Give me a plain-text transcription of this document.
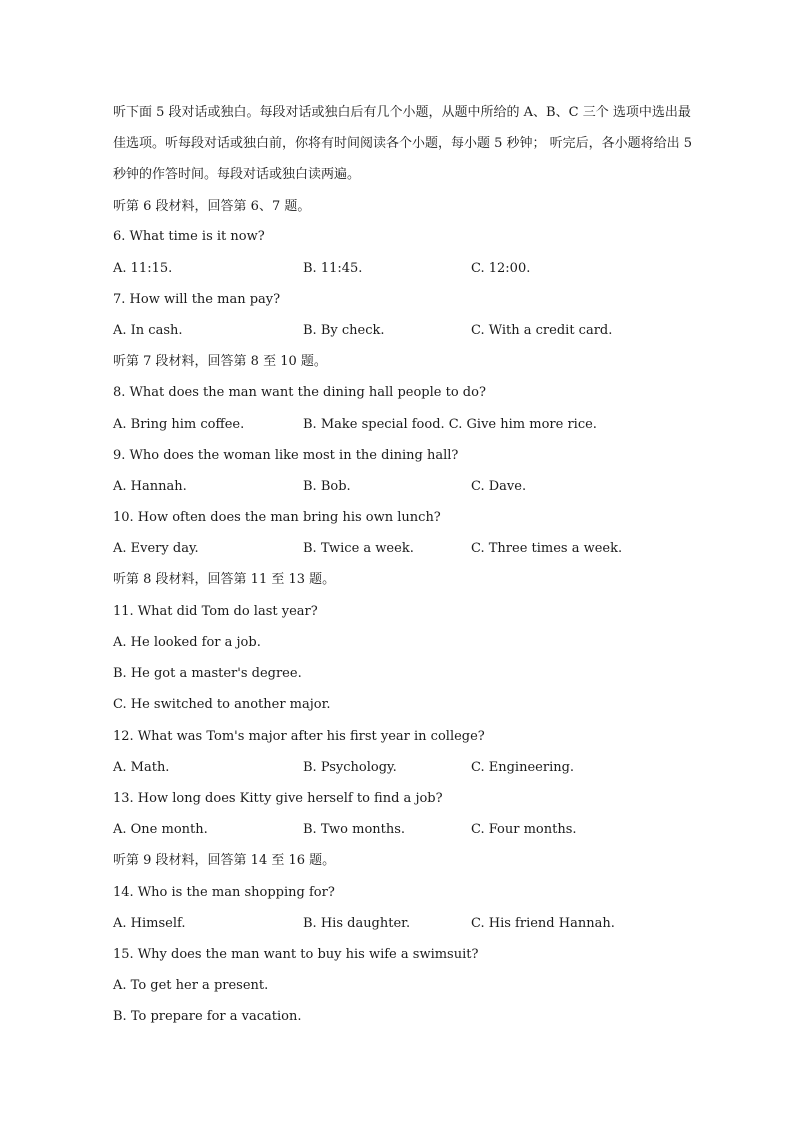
听下面 5 段对话或独白。每段对话或独白后有几个小题，从题中所给的 A、B、C 三个 选项中选出最佳选项。听每段对话或独白前，你将有时间阅读各个小题，每小题 5 秒钟； 听完后，各小题将给出 5 秒钟的作答时间。每段对话或独白读两遍。
听第 6 段材料，回答第 6、7 题。
6. What time is it now?
A. 11:15.	B. 11:45.	C. 12:00.
7. How will the man pay?
A. In cash.	B. By check.	C. With a credit card.
听第 7 段材料，回答第 8 至 10 题。
8. What does the man want the dining hall people to do?
A. Bring him coffee.	B. Make special food. C. Give him more rice.
9. Who does the woman like most in the dining hall?
A. Hannah.	B. Bob.	C. Dave.
10. How often does the man bring his own lunch?
A. Every day.	B. Twice a week.	C. Three times a week.
听第 8 段材料，回答第 11 至 13 题。
11. What did Tom do last year?
A. He looked for a job.
B. He got a master's degree.
C. He switched to another major.
12. What was Tom's major after his first year in college?
A. Math.	B. Psychology.	C. Engineering.
13. How long does Kitty give herself to find a job?
A. One month.	B. Two months.	C. Four months.
听第 9 段材料，回答第 14 至 16 题。
14. Who is the man shopping for?
A. Himself.	B. His daughter.	C. His friend Hannah.
15. Why does the man want to buy his wife a swimsuit?
A. To get her a present.
B. To prepare for a vacation.
